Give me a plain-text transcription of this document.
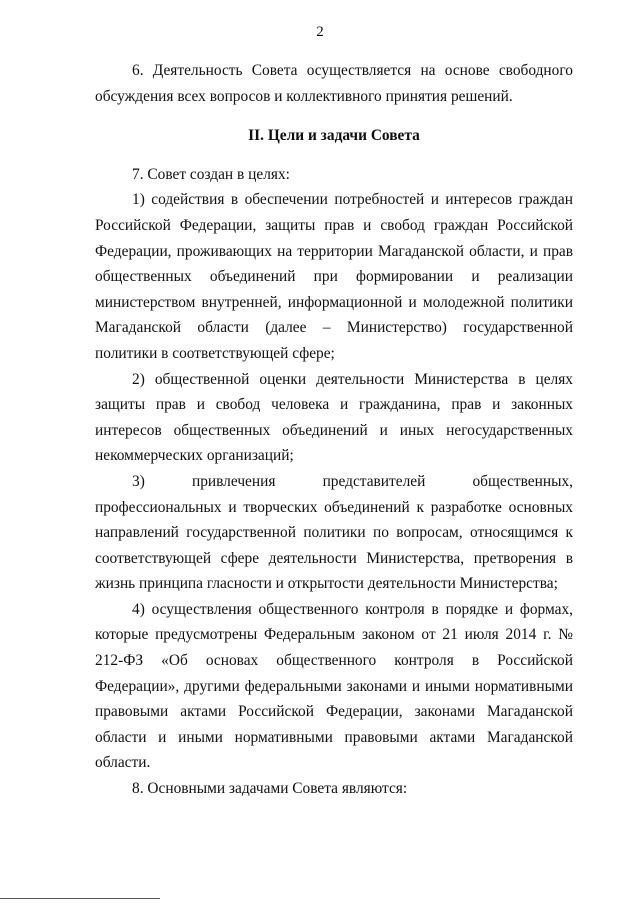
2

6. Деятельность Совета осуществляется на основе свободного обсуждения всех вопросов и коллективного принятия решений.

II. Цели и задачи Совета

7. Совет создан в целях:

1) содействия в обеспечении потребностей и интересов граждан Российской Федерации, защиты прав и свобод граждан Российской Федерации, проживающих на территории Магаданской области, и прав общественных объединений при формировании и реализации министерством внутренней, информационной и молодежной политики Магаданской области (далее – Министерство) государственной политики в соответствующей сфере;

2) общественной оценки деятельности Министерства в целях защиты прав и свобод человека и гражданина, прав и законных интересов общественных объединений и иных негосударственных некоммерческих организаций;

3) привлечения представителей общественных, профессиональных и творческих объединений к разработке основных направлений государственной политики по вопросам, относящимся к соответствующей сфере деятельности Министерства, претворения в жизнь принципа гласности и открытости деятельности Министерства;

4) осуществления общественного контроля в порядке и формах, которые предусмотрены Федеральным законом от 21 июля 2014 г. № 212-ФЗ «Об основах общественного контроля в Российской Федерации», другими федеральными законами и иными нормативными правовыми актами Российской Федерации, законами Магаданской области и иными нормативными правовыми актами Магаданской области.

8. Основными задачами Совета являются:
